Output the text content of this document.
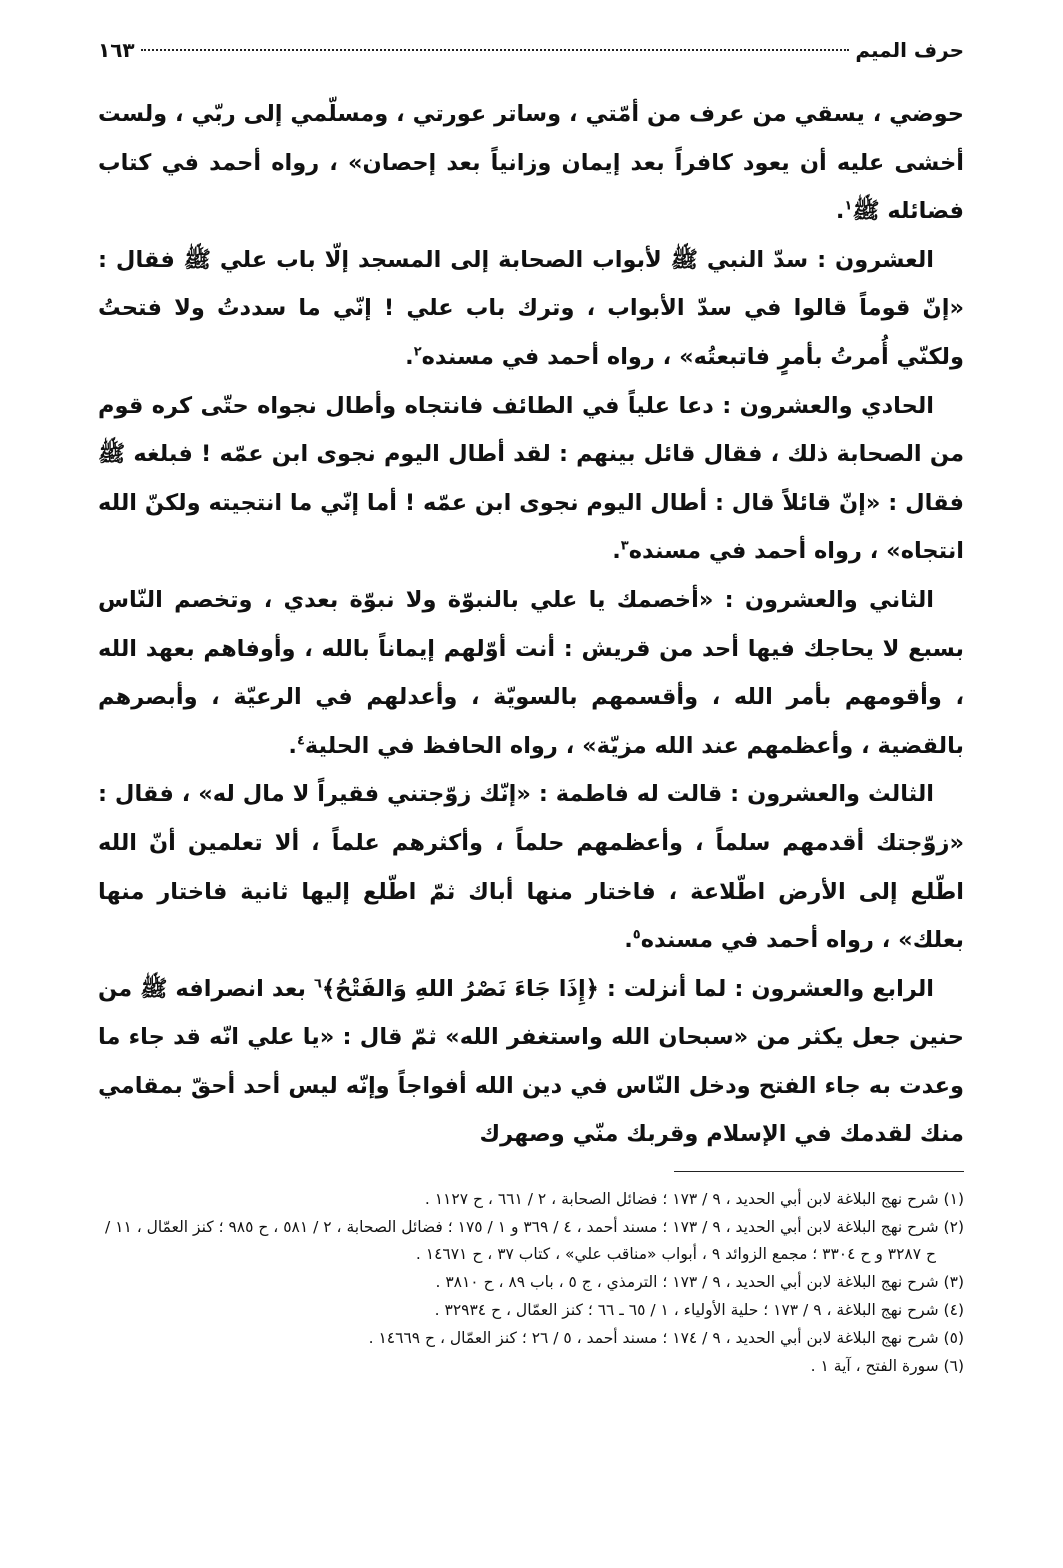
حرف الميم
١٦٣

حوضي ، يسقي من عرف من أمّتي ، وساتر عورتي ، ومسلّمي إلى ربّي ، ولست أخشى عليه أن يعود كافراً بعد إيمان وزانياً بعد إحصان» ، رواه أحمد في كتاب فضائله ﷺ$^١$.

العشرون : سدّ النبي ﷺ لأبواب الصحابة إلى المسجد إلّا باب علي ﷺ فقال : «إنّ قوماً قالوا في سدّ الأبواب ، وترك باب علي ! إنّي ما سددتُ ولا فتحتُ ولكنّي أُمرتُ بأمرٍ فاتبعتُه» ، رواه أحمد في مسنده$^٢$.

الحادي والعشرون : دعا علياً في الطائف فانتجاه وأطال نجواه حتّى كره قوم من الصحابة ذلك ، فقال قائل بينهم : لقد أطال اليوم نجوى ابن عمّه ! فبلغه ﷺ فقال : «إنّ قائلاً قال : أطال اليوم نجوى ابن عمّه ! أما إنّي ما انتجيته ولكنّ الله انتجاه» ، رواه أحمد في مسنده$^٣$.

الثاني والعشرون : «أخصمك يا علي بالنبوّة ولا نبوّة بعدي ، وتخصم النّاس بسبع لا يحاجك فيها أحد من قريش : أنت أوّلهم إيماناً بالله ، وأوفاهم بعهد الله ، وأقومهم بأمر الله ، وأقسمهم بالسويّة ، وأعدلهم في الرعيّة ، وأبصرهم بالقضية ، وأعظمهم عند الله مزيّة» ، رواه الحافظ في الحلية$^٤$.

الثالث والعشرون : قالت له فاطمة : «إنّك زوّجتني فقيراً لا مال له» ، فقال : «زوّجتك أقدمهم سلماً ، وأعظمهم حلماً ، وأكثرهم علماً ، ألا تعلمين أنّ الله اطّلع إلى الأرض اطّلاعة ، فاختار منها أباك ثمّ اطّلع إليها ثانية فاختار منها بعلك» ، رواه أحمد في مسنده$^٥$.

الرابع والعشرون : لما أنزلت : ﴿إِذَا جَاءَ نَصْرُ اللهِ وَالفَتْحُ﴾$^٦$ بعد انصرافه ﷺ من حنين جعل يكثر من «سبحان الله واستغفر الله» ثمّ قال : «يا علي انّه قد جاء ما وعدت به جاء الفتح ودخل النّاس في دين الله أفواجاً وإنّه ليس أحد أحقّ بمقامي منك لقدمك في الإسلام وقربك منّي وصهرك

(١) شرح نهج البلاغة لابن أبي الحديد ، ٩ / ١٧٣ ؛ فضائل الصحابة ، ٢ / ٦٦١ ، ح ١١٢٧ .

(٢) شرح نهج البلاغة لابن أبي الحديد ، ٩ / ١٧٣ ؛ مسند أحمد ، ٤ / ٣٦٩ و ١ / ١٧٥ ؛ فضائل الصحابة ، ٢ / ٥٨١ ، ح ٩٨٥ ؛ كنز العمّال ، ١١ / ح ٣٢٨٧ و ح ٣٣٠٤ ؛ مجمع الزوائد ٩ ، أبواب «مناقب علي» ، كتاب ٣٧ ، ح ١٤٦٧١ .

(٣) شرح نهج البلاغة لابن أبي الحديد ، ٩ / ١٧٣ ؛ الترمذي ، ج ٥ ، باب ٨٩ ، ح ٣٨١٠ .

(٤) شرح نهج البلاغة ، ٩ / ١٧٣ ؛ حلية الأولياء ، ١ / ٦٥ ـ ٦٦ ؛ كنز العمّال ، ح ٣٢٩٣٤ .

(٥) شرح نهج البلاغة لابن أبي الحديد ، ٩ / ١٧٤ ؛ مسند أحمد ، ٥ / ٢٦ ؛ كنز العمّال ، ح ١٤٦٦٩ .

(٦) سورة الفتح ، آية ١ .
